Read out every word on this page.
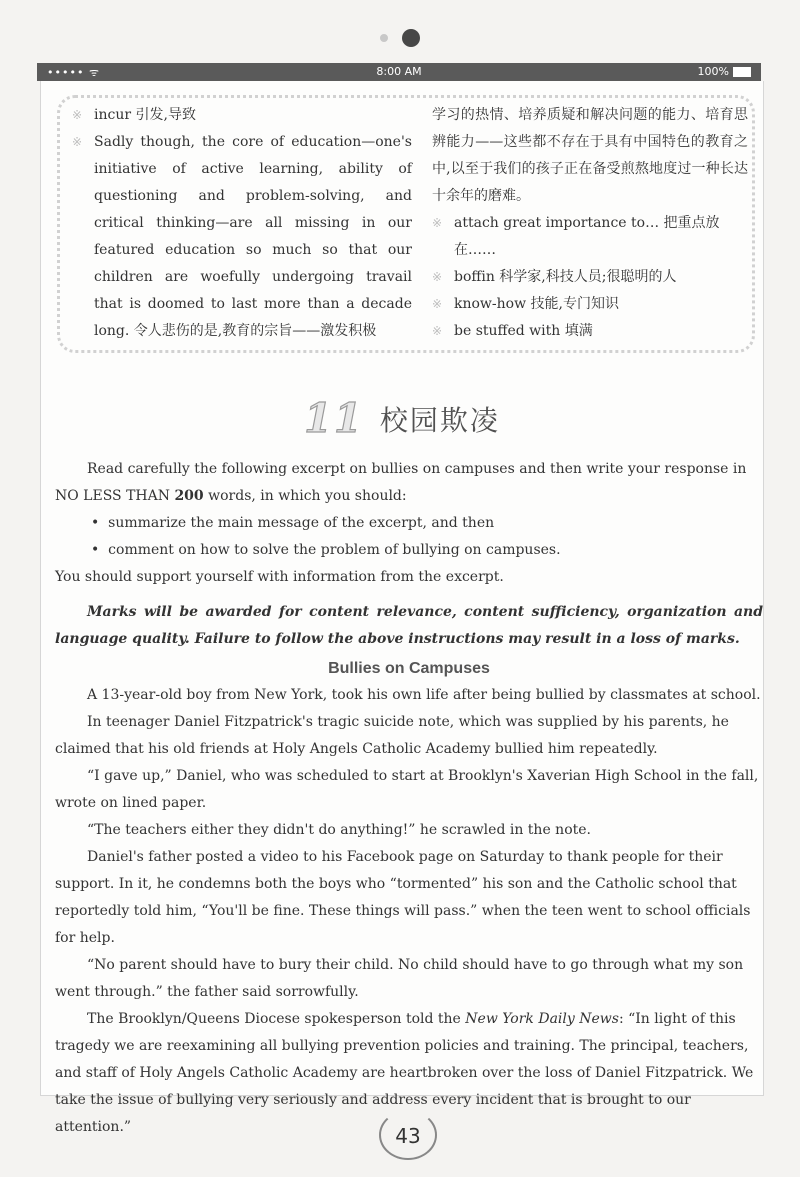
••••• ᯤ	8:00 AM	100%
※ incur 引发,导致
※ Sadly though, the core of education—one's initiative of active learning, ability of questioning and problem-solving, and critical thinking—are all missing in our featured education so much so that our children are woefully undergoing travail that is doomed to last more than a decade long. 令人悲伤的是,教育的宗旨——激发积极
学习的热情、培养质疑和解决问题的能力、培育思辨能力——这些都不存在于具有中国特色的教育之中,以至于我们的孩子正在备受煎熬地度过一种长达十余年的磨难。
※ attach great importance to… 把重点放在……
※ boffin 科学家,科技人员;很聪明的人
※ know-how 技能,专门知识
※ be stuffed with 填满
11 校园欺凌

Read carefully the following excerpt on bullies on campuses and then write your response in NO LESS THAN 200 words, in which you should:

• summarize the main message of the excerpt, and then

• comment on how to solve the problem of bullying on campuses.

You should support yourself with information from the excerpt.

Marks will be awarded for content relevance, content sufficiency, organization and language quality. Failure to follow the above instructions may result in a loss of marks.

Bullies on Campuses

A 13-year-old boy from New York, took his own life after being bullied by classmates at school.

In teenager Daniel Fitzpatrick's tragic suicide note, which was supplied by his parents, he claimed that his old friends at Holy Angels Catholic Academy bullied him repeatedly.

“I gave up,” Daniel, who was scheduled to start at Brooklyn's Xaverian High School in the fall, wrote on lined paper.

“The teachers either they didn't do anything!” he scrawled in the note.

Daniel's father posted a video to his Facebook page on Saturday to thank people for their support. In it, he condemns both the boys who “tormented” his son and the Catholic school that reportedly told him, “You'll be fine. These things will pass.” when the teen went to school officials for help.

“No parent should have to bury their child. No child should have to go through what my son went through.” the father said sorrowfully.

The Brooklyn/Queens Diocese spokesperson told the New York Daily News: “In light of this tragedy we are reexamining all bullying prevention policies and training. The principal, teachers, and staff of Holy Angels Catholic Academy are heartbroken over the loss of Daniel Fitzpatrick. We take the issue of bullying very seriously and address every incident that is brought to our attention.”	43
